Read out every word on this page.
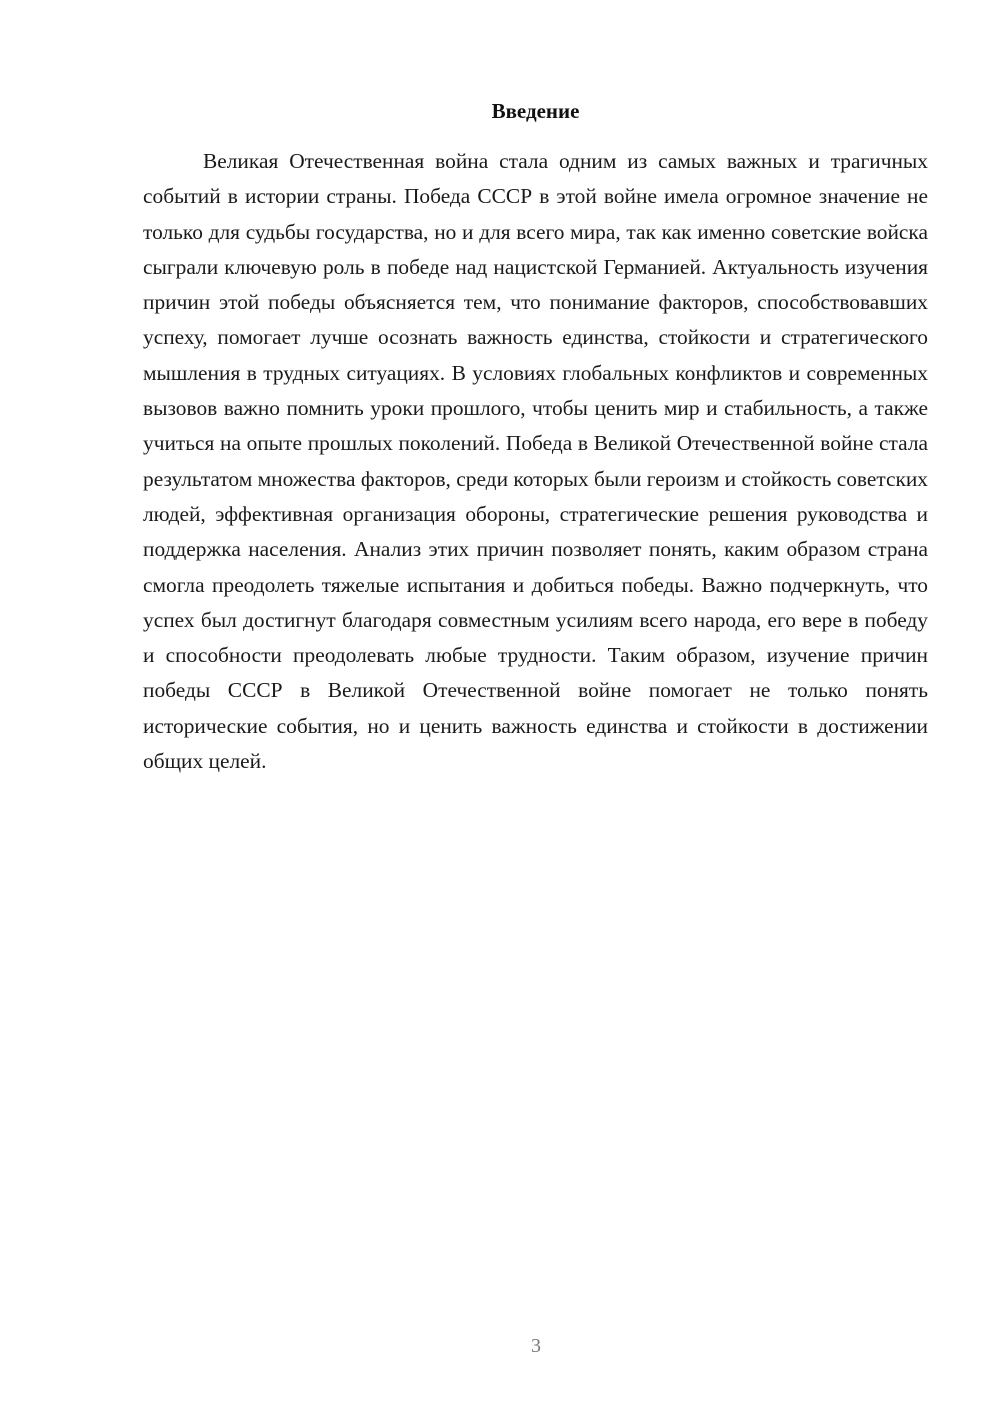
Введение

Великая Отечественная война стала одним из самых важных и трагичных событий в истории страны. Победа СССР в этой войне имела огромное значение не только для судьбы государства, но и для всего мира, так как именно советские войска сыграли ключевую роль в победе над нацистской Германией. Актуальность изучения причин этой победы объясняется тем, что понимание факторов, способствовавших успеху, помогает лучше осознать важность единства, стойкости и стратегического мышления в трудных ситуациях. В условиях глобальных конфликтов и современных вызовов важно помнить уроки прошлого, чтобы ценить мир и стабильность, а также учиться на опыте прошлых поколений. Победа в Великой Отечественной войне стала результатом множества факторов, среди которых были героизм и стойкость советских людей, эффективная организация обороны, стратегические решения руководства и поддержка населения. Анализ этих причин позволяет понять, каким образом страна смогла преодолеть тяжелые испытания и добиться победы. Важно подчеркнуть, что успех был достигнут благодаря совместным усилиям всего народа, его вере в победу и способности преодолевать любые трудности. Таким образом, изучение причин победы СССР в Великой Отечественной войне помогает не только понять исторические события, но и ценить важность единства и стойкости в достижении общих целей.

3
